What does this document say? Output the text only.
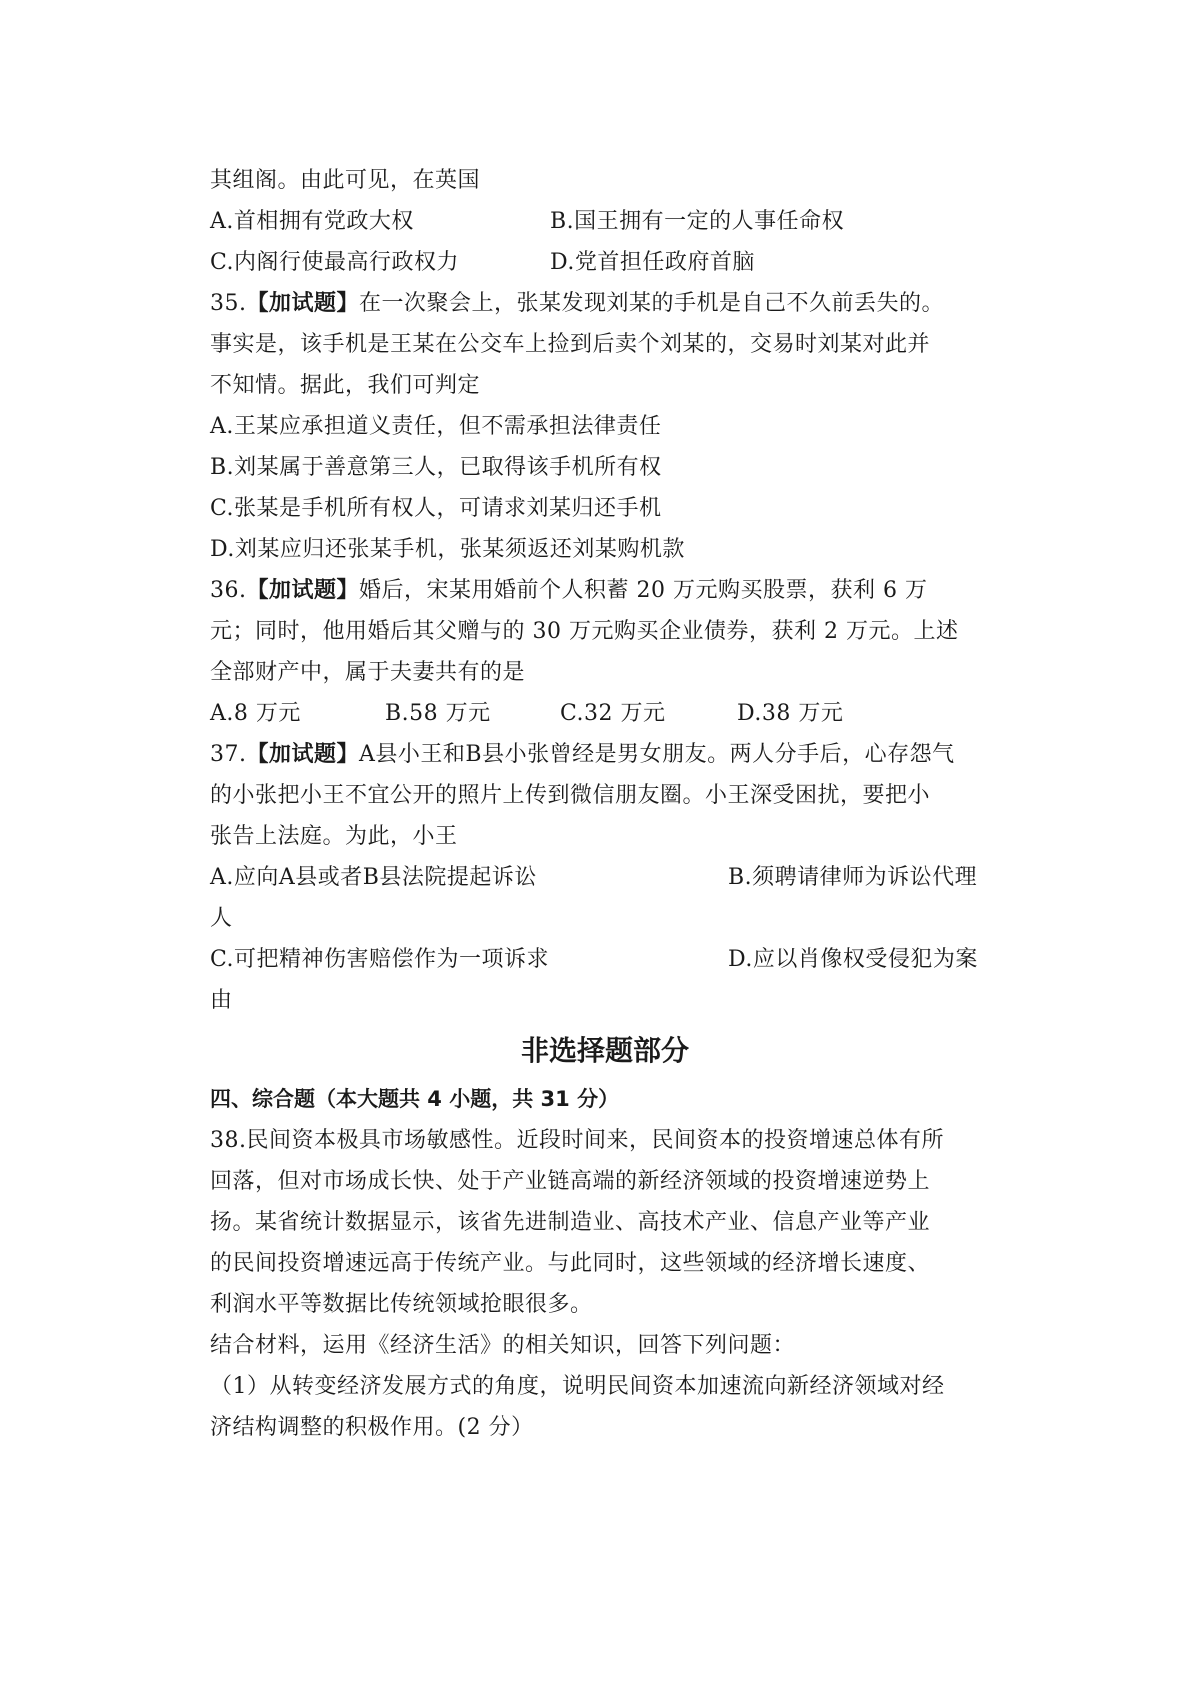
其组阁。由此可见，在英国
A.首相拥有党政大权	B.国王拥有一定的人事任命权
C.内阁行使最高行政权力	D.党首担任政府首脑
35.【加试题】在一次聚会上，张某发现刘某的手机是自己不久前丢失的。
事实是，该手机是王某在公交车上捡到后卖个刘某的，交易时刘某对此并
不知情。据此，我们可判定
A.王某应承担道义责任，但不需承担法律责任
B.刘某属于善意第三人，已取得该手机所有权
C.张某是手机所有权人，可请求刘某归还手机
D.刘某应归还张某手机，张某须返还刘某购机款
36.【加试题】婚后，宋某用婚前个人积蓄 20 万元购买股票，获利 6 万
元；同时，他用婚后其父赠与的 30 万元购买企业债券，获利 2 万元。上述
全部财产中，属于夫妻共有的是
A.8 万元	B.58 万元	C.32 万元	D.38 万元
37.【加试题】A县小王和B县小张曾经是男女朋友。两人分手后，心存怨气
的小张把小王不宜公开的照片上传到微信朋友圈。小王深受困扰，要把小
张告上法庭。为此，小王
A.应向A县或者B县法院提起诉讼	B.须聘请律师为诉讼代理
人
C.可把精神伤害赔偿作为一项诉求	D.应以肖像权受侵犯为案
由
非选择题部分
四、综合题（本大题共 4 小题，共 31 分）
38.民间资本极具市场敏感性。近段时间来，民间资本的投资增速总体有所
回落，但对市场成长快、处于产业链高端的新经济领域的投资增速逆势上
扬。某省统计数据显示，该省先进制造业、高技术产业、信息产业等产业
的民间投资增速远高于传统产业。与此同时，这些领域的经济增长速度、
利润水平等数据比传统领域抢眼很多。
结合材料，运用《经济生活》的相关知识，回答下列问题：
（1）从转变经济发展方式的角度，说明民间资本加速流向新经济领域对经
济结构调整的积极作用。(2 分）
